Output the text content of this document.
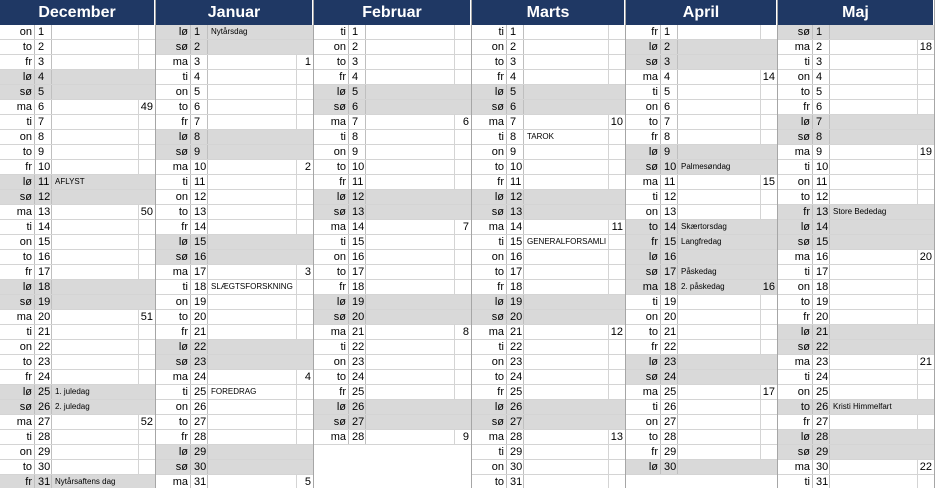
December
on 1
to 2
fr 3
lø 4
sø 5
ma 6	49
ti 7
on 8
to 9
fr 10
lø 11 AFLYST
sø 12
ma 13	50
ti 14
on 15
to 16
fr 17
lø 18
sø 19
ma 20	51
ti 21
on 22
to 23
fr 24
lø 25 1. juledag
sø 26 2. juledag
ma 27	52
ti 28
on 29
to 30
fr 31 Nytårsaftens dag
Januar
lø 1	Nytårsdag
sø 2
ma 3	1
ti 4
on 5
to 6
fr 7
lø 8
sø 9
ma 10	2
ti 11
on 12
to 13
fr 14
lø 15
sø 16
ma 17	3
ti 18 SLÆGTSFORSKNING
on 19
to 20
fr 21
lø 22
sø 23
ma 24	4
ti 25 FOREDRAG
on 26
to 27
fr 28
lø 29
sø 30
ma 31	5
Februar
ti 1
on 2
to 3
fr 4
lø 5
sø 6
ma 7	6
ti 8
on 9
to 10
fr 11
lø 12
sø 13
ma 14	7
ti 15
on 16
to 17
fr 18
lø 19
sø 20
ma 21	8
ti 22
on 23
to 24
fr 25
lø 26
sø 27
ma 28	9
Marts
ti 1
on 2
to 3
fr 4
lø 5
sø 6
ma 7	10
ti 8	TAROK
on 9
to 10
fr 11
lø 12
sø 13
ma 14	11
ti 15 GENERALFORSAMLI
on 16
to 17
fr 18
lø 19
sø 20
ma 21	12
ti 22
on 23
to 24
fr 25
lø 26
sø 27
ma 28	13
ti 29
on 30
to 31
April
fr 1
lø 2
sø 3
ma 4	14
ti 5
on 6
to 7
fr 8
lø 9
sø 10 Palmesøndag
ma 11	15
ti 12
on 13
to 14 Skærtorsdag
fr 15 Langfredag
lø 16
sø 17 Påskedag
ma 18 2. påskedag	16
ti 19
on 20
to 21
fr 22
lø 23
sø 24
ma 25	17
ti 26
on 27
to 28
fr 29
lø 30
Maj
sø 1
ma 2	18
ti 3
on 4
to 5
fr 6
lø 7
sø 8
ma 9	19
ti 10
on 11
to 12
fr 13 Store Bededag
lø 14
sø 15
ma 16	20
ti 17
on 18
to 19
fr 20
lø 21
sø 22
ma 23	21
ti 24
on 25
to 26 Kristi Himmelfart
fr 27
lø 28
sø 29
ma 30	22
ti 31
